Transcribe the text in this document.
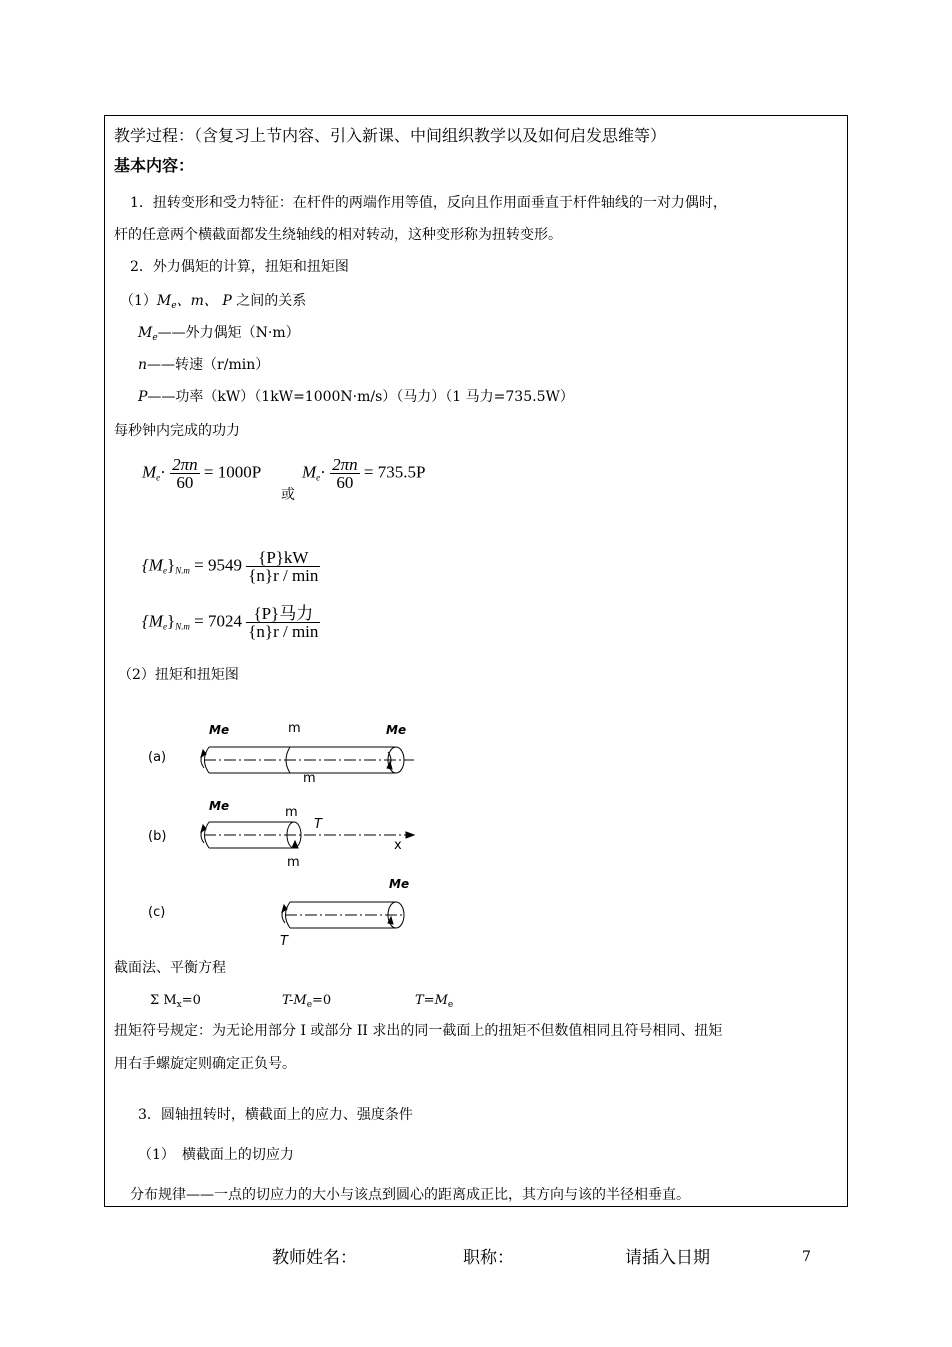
教学过程：（含复习上节内容、引入新课、中间组织教学以及如何启发思维等）
基本内容：
1．扭转变形和受力特征：在杆件的两端作用等值，反向且作用面垂直于杆件轴线的一对力偶时，
杆的任意两个横截面都发生绕轴线的相对转动，这种变形称为扭转变形。
2．外力偶矩的计算，扭矩和扭矩图
$(1)M_e$、m、 P 之间的关系
$M_e——$外力偶矩（N·m）
n——转速（r/min）
P——功率（kW）（1kW=1000N·m/s）（马力）（1 马力=735.5W）
每秒钟内完成的功力
$M_e\cdot \frac{2\pi n}{60} = 1000P$
或
$M_e\cdot \frac{2\pi n}{60} = 735.5P$
$\{M_e\}_{N.m} = 9549 \frac{\{P\}kW}{\{n\}r / \min}$
$\{M_e\}_{N.m} = 7024 \frac{\text{\{P\}马力}}{\{n\}r / \min}$
（2）扭矩和扭矩图
(a)
(b)
(c)
Me	m	Me
m
Me	m
T
x
m
Me
T
截面法、平衡方程
Σ $M_x=0$	$T-M_e=0$	$T=M_e$
扭矩符号规定：为无论用部分 I 或部分 II 求出的同一截面上的扭矩不但数值相同且符号相同、扭矩
用右手螺旋定则确定正负号。
3．圆轴扭转时，横截面上的应力、强度条件
（1）　横截面上的切应力
分布规律——一点的切应力的大小与该点到圆心的距离成正比，其方向与该的半径相垂直。
教师姓名：	职称：	请插入日期	7
